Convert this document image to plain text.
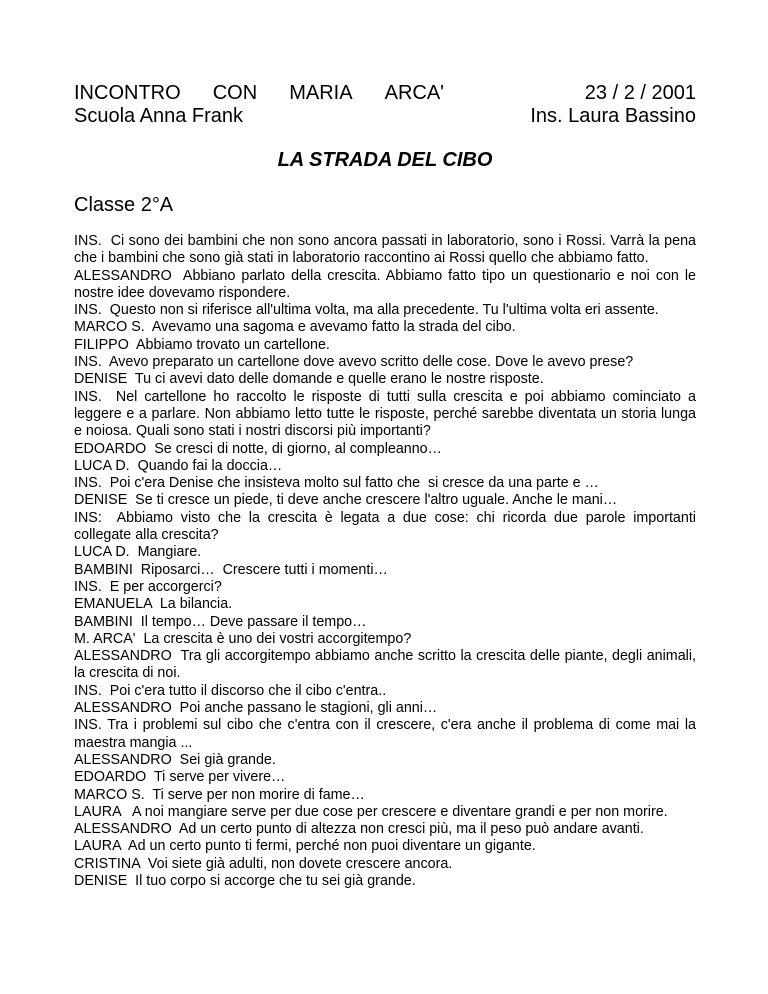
INCONTRO CON MARIA ARCA'	23 / 2 / 2001
Scuola Anna Frank	Ins. Laura Bassino
LA STRADA DEL CIBO
Classe 2°A

INS.  Ci sono dei bambini che non sono ancora passati in laboratorio, sono i Rossi. Varrà la pena che i bambini che sono già stati in laboratorio raccontino ai Rossi quello che abbiamo fatto.

ALESSANDRO  Abbiano parlato della crescita. Abbiamo fatto tipo un questionario e noi con le nostre idee dovevamo rispondere.

INS.  Questo non si riferisce all'ultima volta, ma alla precedente. Tu l'ultima volta eri assente.

MARCO S.  Avevamo una sagoma e avevamo fatto la strada del cibo.

FILIPPO  Abbiamo trovato un cartellone.

INS.  Avevo preparato un cartellone dove avevo scritto delle cose. Dove le avevo prese?

DENISE  Tu ci avevi dato delle domande e quelle erano le nostre risposte.

INS.  Nel cartellone ho raccolto le risposte di tutti sulla crescita e poi abbiamo cominciato a leggere e a parlare. Non abbiamo letto tutte le risposte, perché sarebbe diventata un storia lunga e noiosa. Quali sono stati i nostri discorsi più importanti?

EDOARDO  Se cresci di notte, di giorno, al compleanno…

LUCA D.  Quando fai la doccia…

INS.  Poi c'era Denise che insisteva molto sul fatto che  si cresce da una parte e …

DENISE  Se ti cresce un piede, ti deve anche crescere l'altro uguale. Anche le mani…

INS:  Abbiamo visto che la crescita è legata a due cose: chi ricorda due parole importanti collegate alla crescita?

LUCA D.  Mangiare.

BAMBINI  Riposarci…  Crescere tutti i momenti…

INS.  E per accorgerci?

EMANUELA  La bilancia.

BAMBINI  Il tempo… Deve passare il tempo…

M. ARCA'  La crescita è uno dei vostri accorgitempo?

ALESSANDRO  Tra gli accorgitempo abbiamo anche scritto la crescita delle piante, degli animali, la crescita di noi.

INS.  Poi c'era tutto il discorso che il cibo c'entra..

ALESSANDRO  Poi anche passano le stagioni, gli anni…

INS. Tra i problemi sul cibo che c'entra con il crescere, c'era anche il problema di come mai la maestra mangia ...

ALESSANDRO  Sei già grande.

EDOARDO  Ti serve per vivere…

MARCO S.  Ti serve per non morire di fame…

LAURA   A noi mangiare serve per due cose per crescere e diventare grandi e per non morire.

ALESSANDRO  Ad un certo punto di altezza non cresci più, ma il peso può andare avanti.

LAURA  Ad un certo punto ti fermi, perché non puoi diventare un gigante.

CRISTINA  Voi siete già adulti, non dovete crescere ancora.

DENISE  Il tuo corpo si accorge che tu sei già grande.
